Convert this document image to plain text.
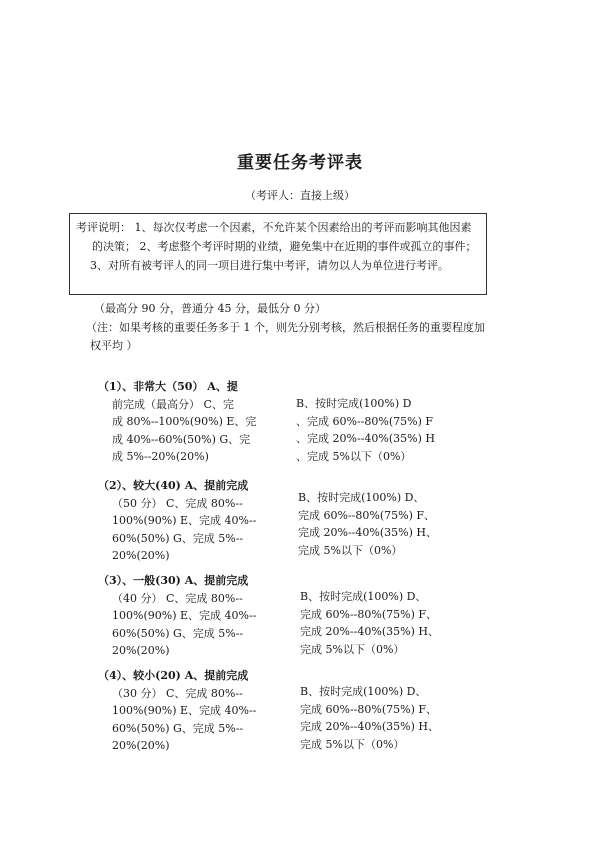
重要任务考评表
（考评人：直接上级）

考评说明： 1、每次仅考虑一个因素，不允许某个因素给出的考评而影响其他因素

的决策； 2、考虑整个考评时期的业绩，避免集中在近期的事件或孤立的事件；

3、对所有被考评人的同一项目进行集中考评，请勿以人为单位进行考评。

（最高分 90 分，普通分 45 分，最低分 0 分）
（注：如果考核的重要任务多于 1 个，则先分别考核，然后根据任务的重要程度加
权平均 ）
（1）、非常大（50） A、提
前完成（最高分） C、完
成 80%--100%(90%) E、完
成 40%--60%(50%) G、完
成 5%--20%(20%)
B、按时完成(100%) D
、完成 60%--80%(75%) F
、完成 20%--40%(35%) H
、完成 5%以下（0%）
（2）、较大(40) A、提前完成
（50 分） C、完成 80%--
100%(90%) E、完成 40%--
60%(50%) G、完成 5%--
20%(20%)
B、按时完成(100%) D、
完成 60%--80%(75%) F、
完成 20%--40%(35%) H、
完成 5%以下（0%）
（3）、一般(30) A、提前完成
（40 分） C、完成 80%--
100%(90%) E、完成 40%--
60%(50%) G、完成 5%--
20%(20%)
B、按时完成(100%) D、
完成 60%--80%(75%) F、
完成 20%--40%(35%) H、
完成 5%以下（0%）
（4）、较小(20) A、提前完成
（30 分） C、完成 80%--
100%(90%) E、完成 40%--
60%(50%) G、完成 5%--
20%(20%)
B、按时完成(100%) D、
完成 60%--80%(75%) F、
完成 20%--40%(35%) H、
完成 5%以下（0%）
